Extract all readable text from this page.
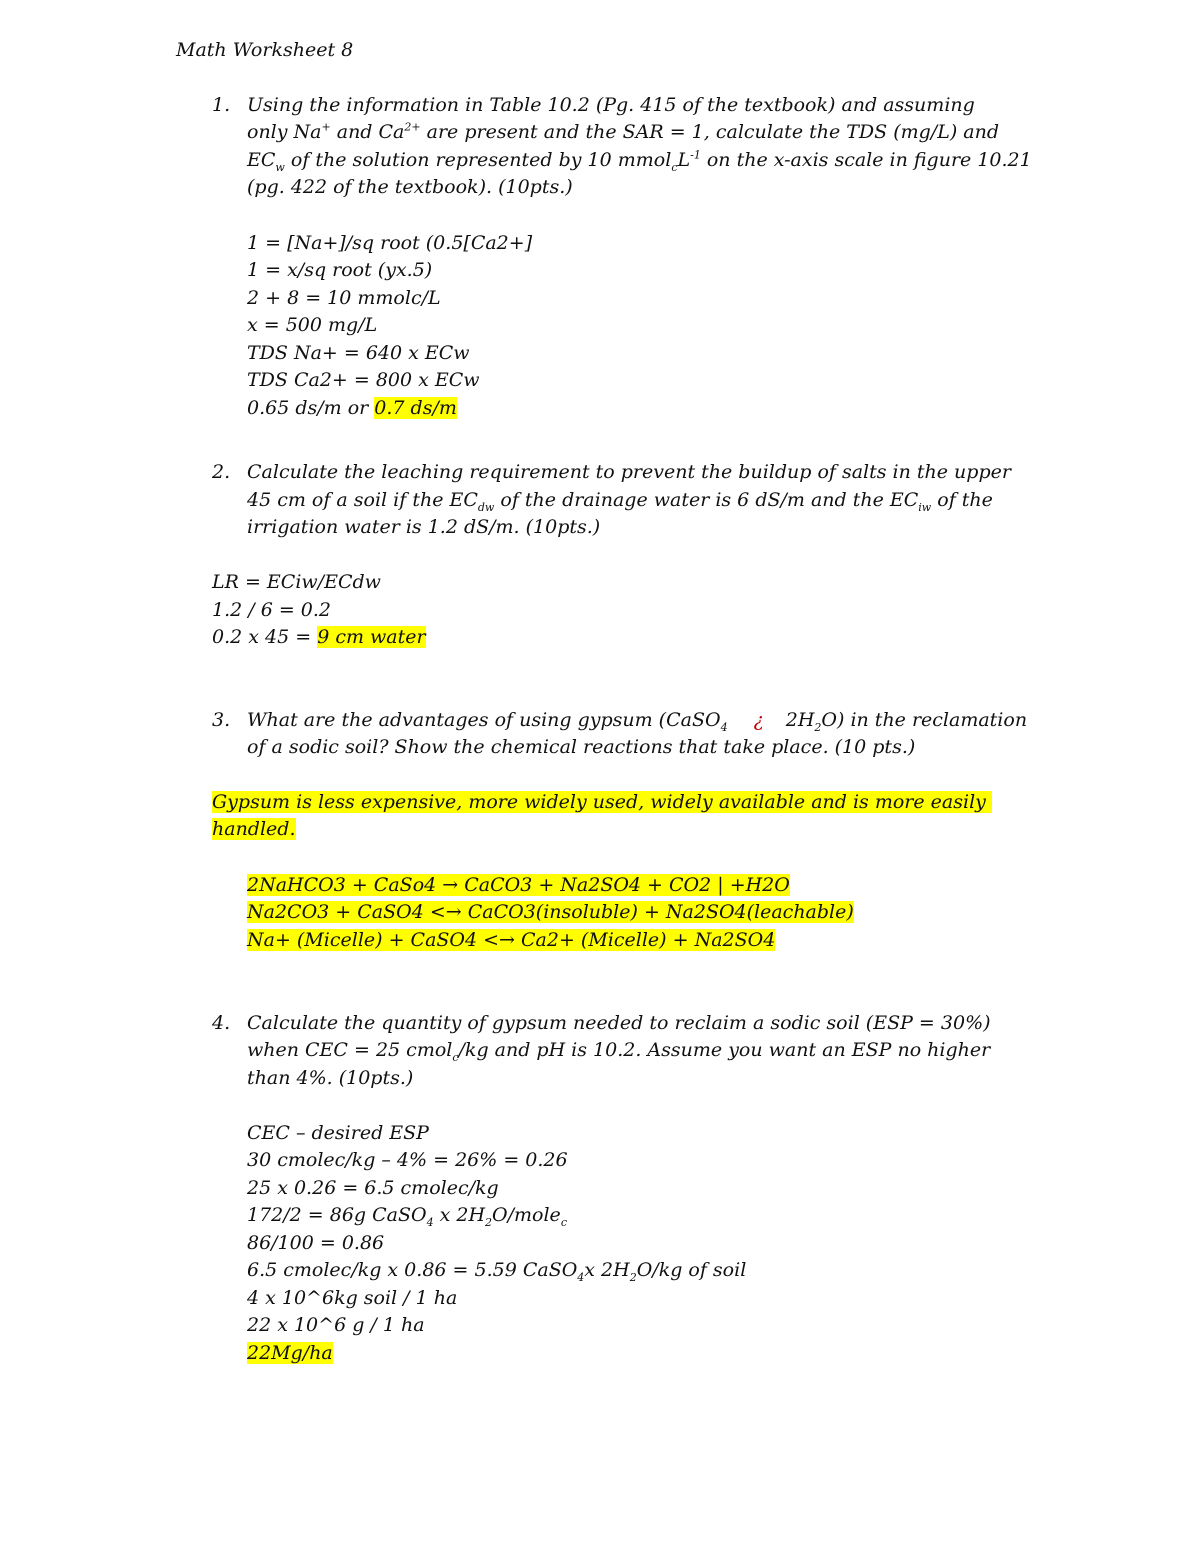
Math Worksheet 8
1. Using the information in Table 10.2 (Pg. 415 of the textbook) and assuming
only Na+ and $Ca^{2+}$ are present and the SAR = 1, calculate the TDS (mg/L) and
$EC_w$ of the solution represented by 10 $mmol_cL^{-1}$ on the x-axis scale in figure 10.21
(pg. 422 of the textbook). (10pts.)
1 = [Na+]/sq root (0.5[Ca2+]
1 = x/sq root (yx.5)
2 + 8 = 10 mmolc/L
x = 500 mg/L
TDS Na+ = 640 x ECw
TDS Ca2+ = 800 x ECw
0.65 ds/m or 0.7 ds/m
2. Calculate the leaching requirement to prevent the buildup of salts in the upper
45 cm of a soil if the $EC_{dw}$ of the drainage water is 6 dS/m and the $EC_{iw}$ of the
irrigation water is 1.2 dS/m. (10pts.)
LR = ECiw/ECdw
1.2 / 6 = 0.2
0.2 x 45 = 9 cm water
3. What are the advantages of using gypsum (CaSO$_4$ ¿ $2H_2O$) in the reclamation
of a sodic soil? Show the chemical reactions that take place. (10 pts.)
Gypsum is less expensive, more widely used, widely available and is more easily
handled.
2NaHCO3 + CaSo4 → CaCO3 + Na2SO4 + CO2 | +H2O
Na2CO3 + CaSO4 <→ CaCO3(insoluble) + Na2SO4(leachable)
Na+ (Micelle) + CaSO4 <→ Ca2+ (Micelle) + Na2SO4
4. Calculate the quantity of gypsum needed to reclaim a sodic soil (ESP = 30%)
when CEC = 25 cmol$_c$/kg and pH is 10.2. Assume you want an ESP no higher
than 4%. (10pts.)
CEC – desired ESP
30 cmolec/kg – 4% = 26% = 0.26
25 x 0.26 = 6.5 cmolec/kg
172/2 = 86g CaSO$_4$ x $2H_2O/mole_c$
86/100 = 0.86
6.5 cmolec/kg x 0.86 = 5.59 CaSO$_4$x $2H_2O/kg$ of soil
4 x 10^6kg soil / 1 ha
22 x 10^6 g / 1 ha
22Mg/ha
